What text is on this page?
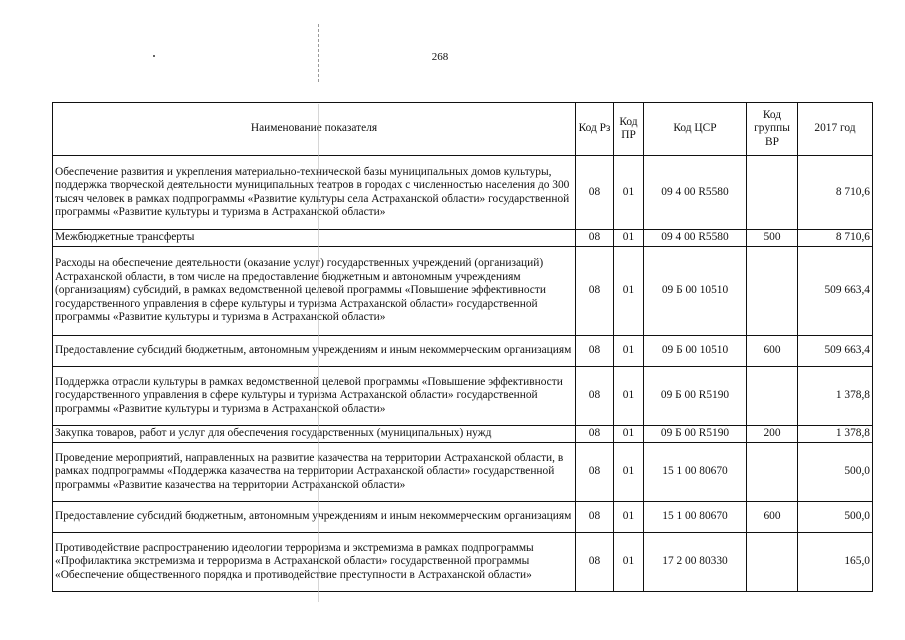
268
Наименование показателя	Код Рз	Код ПР	Код ЦСР	Код группы ВР	2017 год
Обеспечение развития и укрепления материально-технической базы муниципальных домов культуры, поддержка творческой деятельности муниципальных театров в городах с численностью населения до 300 тысяч человек в рамках подпрограммы «Развитие культуры села Астраханской области» государственной программы «Развитие культуры и туризма в Астраханской области»	08	01	09 4 00 R5580		8 710,6
Межбюджетные трансферты	08	01	09 4 00 R5580	500	8 710,6
Расходы на обеспечение деятельности (оказание услуг) государственных учреждений (организаций) Астраханской области, в том числе на предоставление бюджетным и автономным учреждениям (организациям) субсидий, в рамках ведомственной целевой программы «Повышение эффективности государственного управления в сфере культуры и туризма Астраханской области» государственной программы «Развитие культуры и туризма в Астраханской области»	08	01	09 Б 00 10510		509 663,4
Предоставление субсидий бюджетным, автономным учреждениям и иным некоммерческим организациям	08	01	09 Б 00 10510	600	509 663,4
Поддержка отрасли культуры в рамках ведомственной целевой программы «Повышение эффективности государственного управления в сфере культуры и туризма Астраханской области» государственной программы «Развитие культуры и туризма в Астраханской области»	08	01	09 Б 00 R5190		1 378,8
Закупка товаров, работ и услуг для обеспечения государственных (муниципальных) нужд	08	01	09 Б 00 R5190	200	1 378,8
Проведение мероприятий, направленных на развитие казачества на территории Астраханской области, в рамках подпрограммы «Поддержка казачества на территории Астраханской области» государственной программы «Развитие казачества на территории Астраханской области»	08	01	15 1 00 80670		500,0
Предоставление субсидий бюджетным, автономным учреждениям и иным некоммерческим организациям	08	01	15 1 00 80670	600	500,0
Противодействие распространению идеологии терроризма и экстремизма в рамках подпрограммы «Профилактика экстремизма и терроризма в Астраханской области» государственной программы «Обеспечение общественного порядка и противодействие преступности в Астраханской области»	08	01	17 2 00 80330		165,0
